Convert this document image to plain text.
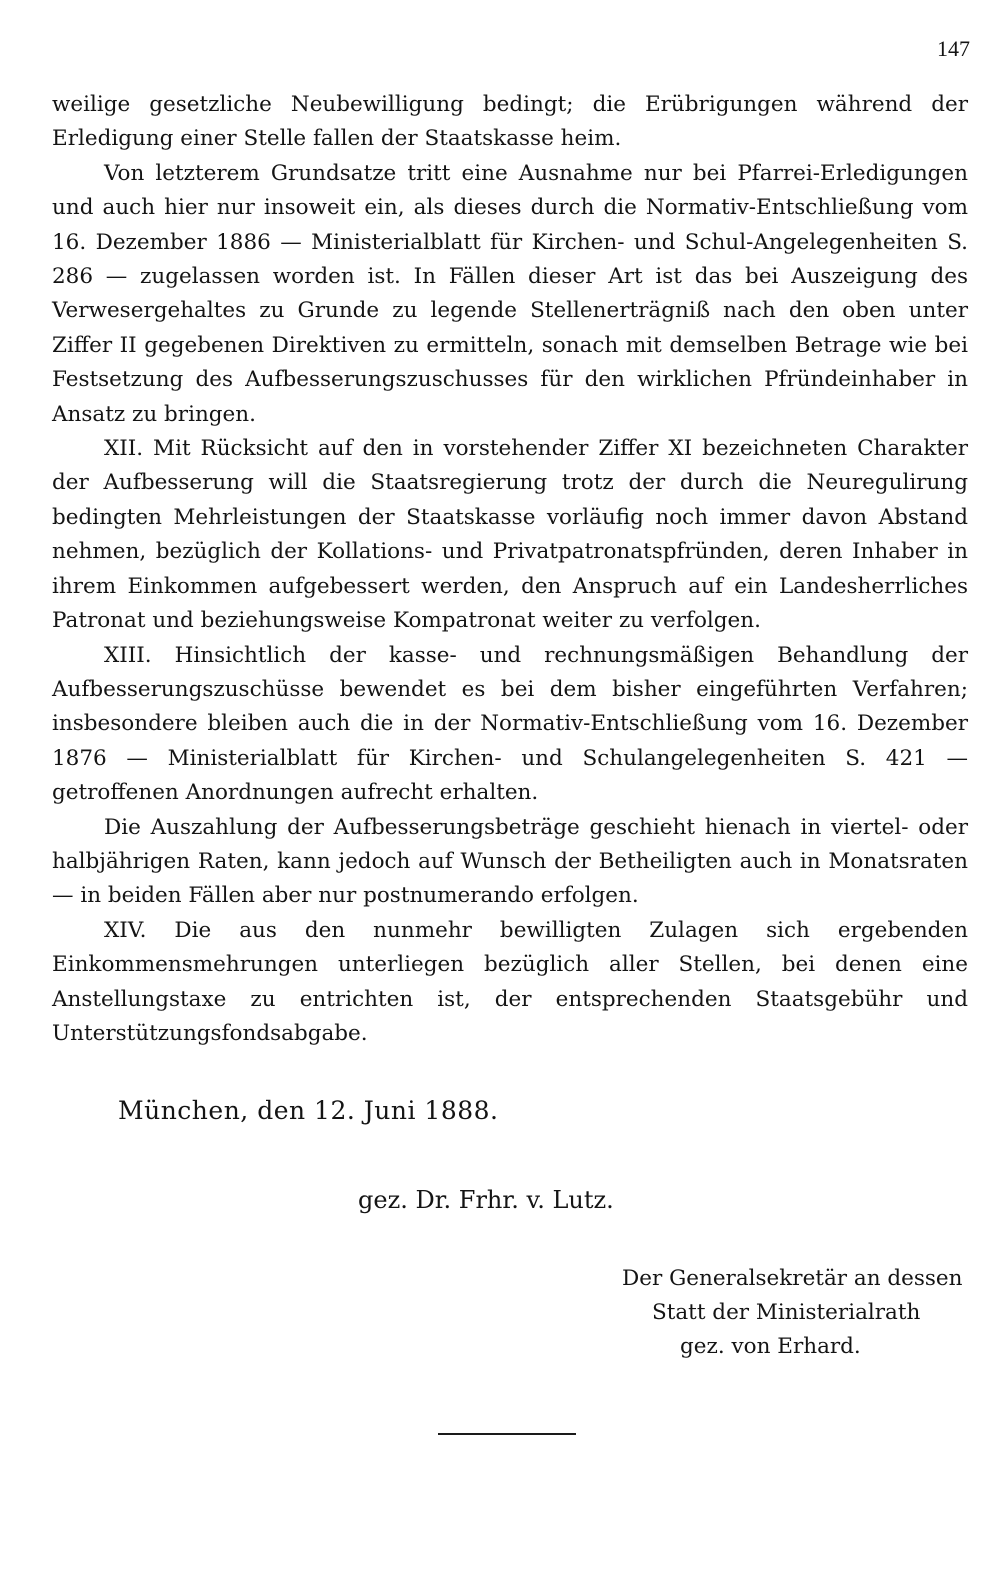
147

weilige gesetzliche Neubewilligung bedingt; die Erübrigungen während der Erledigung einer Stelle fallen der Staatskasse heim.

Von letzterem Grundsatze tritt eine Ausnahme nur bei Pfarrei-Erledigungen und auch hier nur insoweit ein, als dieses durch die Normativ-Entschließung vom 16. Dezember 1886 — Ministerialblatt für Kirchen- und Schul-Angelegenheiten S. 286 — zugelassen worden ist. In Fällen dieser Art ist das bei Auszeigung des Verwesergehaltes zu Grunde zu legende Stellenerträgniß nach den oben unter Ziffer II gegebenen Direktiven zu ermitteln, sonach mit demselben Betrage wie bei Festsetzung des Aufbesserungszuschusses für den wirklichen Pfründeinhaber in Ansatz zu bringen.

XII. Mit Rücksicht auf den in vorstehender Ziffer XI bezeichneten Charakter der Aufbesserung will die Staatsregierung trotz der durch die Neuregulirung bedingten Mehrleistungen der Staatskasse vorläufig noch immer davon Abstand nehmen, bezüglich der Kollations- und Privatpatronatspfründen, deren Inhaber in ihrem Einkommen aufgebessert werden, den Anspruch auf ein Landesherrliches Patronat und beziehungsweise Kompatronat weiter zu verfolgen.

XIII. Hinsichtlich der kasse- und rechnungsmäßigen Behandlung der Aufbesserungszuschüsse bewendet es bei dem bisher eingeführten Verfahren; insbesondere bleiben auch die in der Normativ-Entschließung vom 16. Dezember 1876 — Ministerialblatt für Kirchen- und Schulangelegenheiten S. 421 — getroffenen Anordnungen aufrecht erhalten.

Die Auszahlung der Aufbesserungsbeträge geschieht hienach in viertel- oder halbjährigen Raten, kann jedoch auf Wunsch der Betheiligten auch in Monatsraten — in beiden Fällen aber nur postnumerando erfolgen.

XIV. Die aus den nunmehr bewilligten Zulagen sich ergebenden Einkommensmehrungen unterliegen bezüglich aller Stellen, bei denen eine Anstellungstaxe zu entrichten ist, der entsprechenden Staatsgebühr und Unterstützungsfondsabgabe.

München, den 12. Juni 1888.
gez. Dr. Frhr. v. Lutz.
Der Generalsekretär an dessen
Statt der Ministerialrath
gez. von Erhard.
